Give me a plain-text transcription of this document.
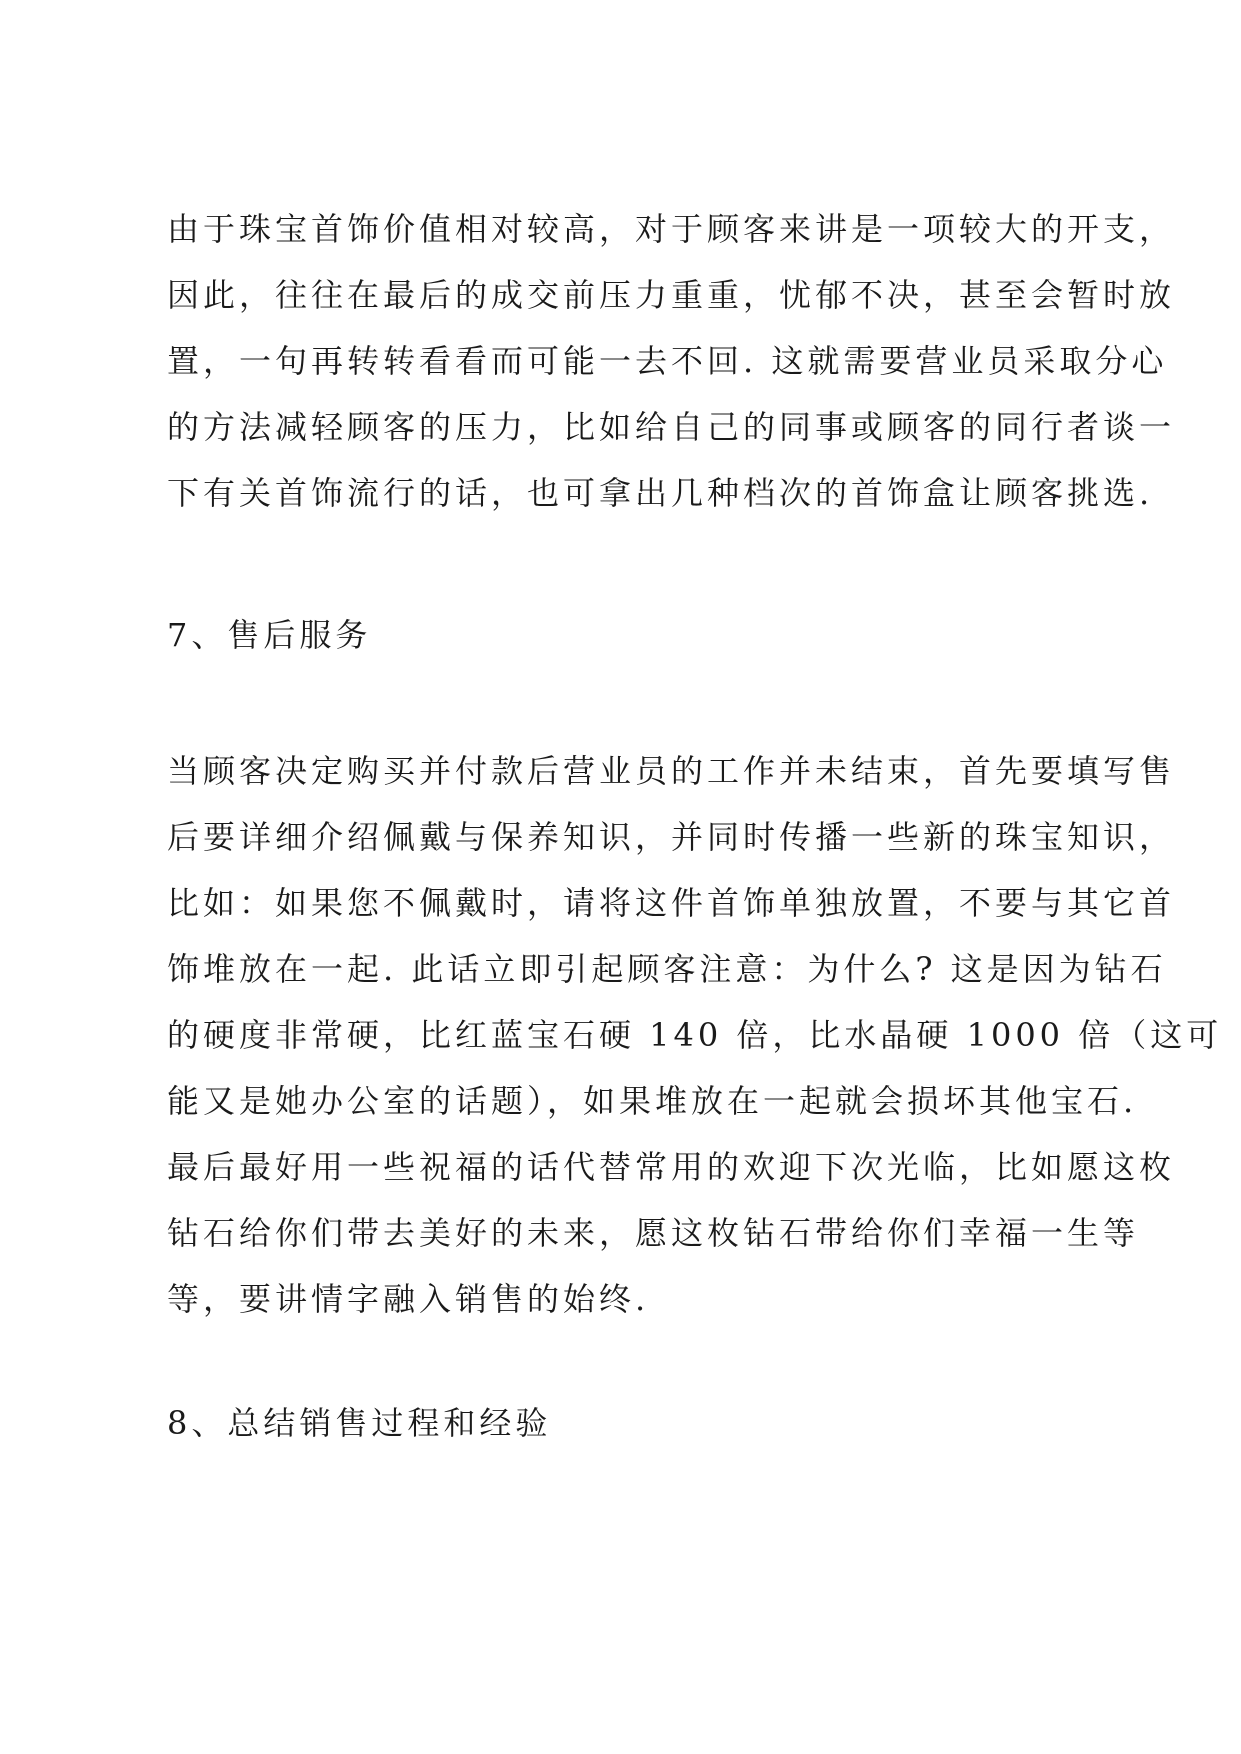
由于珠宝首饰价值相对较高，对于顾客来讲是一项较大的开支，
因此，往往在最后的成交前压力重重，忧郁不决，甚至会暂时放
置，一句再转转看看而可能一去不回. 这就需要营业员采取分心
的方法减轻顾客的压力，比如给自己的同事或顾客的同行者谈一
下有关首饰流行的话，也可拿出几种档次的首饰盒让顾客挑选.
7、售后服务
当顾客决定购买并付款后营业员的工作并未结束，首先要填写售
后要详细介绍佩戴与保养知识，并同时传播一些新的珠宝知识，
比如：如果您不佩戴时，请将这件首饰单独放置，不要与其它首
饰堆放在一起. 此话立即引起顾客注意：为什么? 这是因为钻石
的硬度非常硬，比红蓝宝石硬 140 倍，比水晶硬 1000 倍（这可
能又是她办公室的话题），如果堆放在一起就会损坏其他宝石.
最后最好用一些祝福的话代替常用的欢迎下次光临，比如愿这枚
钻石给你们带去美好的未来，愿这枚钻石带给你们幸福一生等
等，要讲情字融入销售的始终.
8、总结销售过程和经验
